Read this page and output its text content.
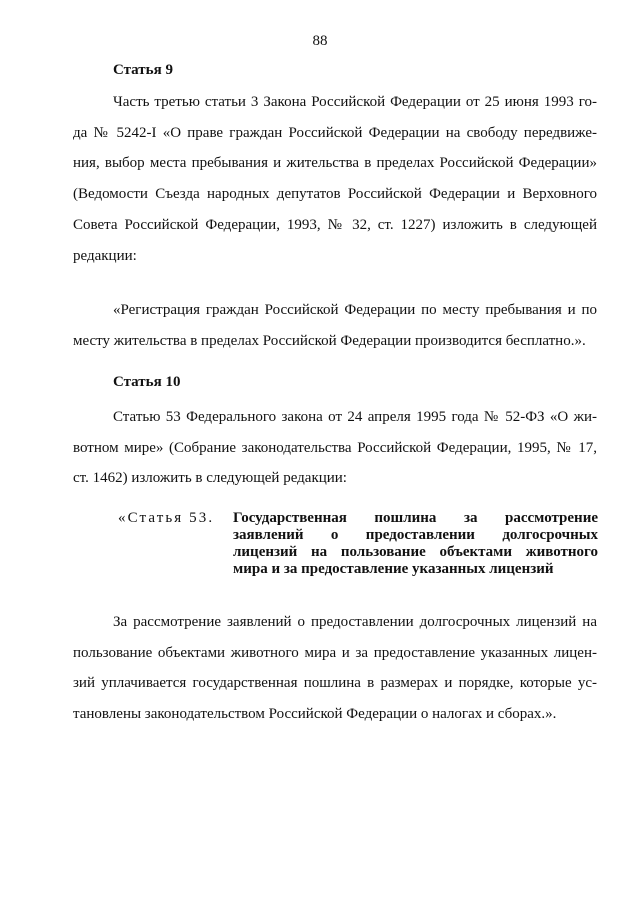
88
Статья 9
Часть третью статьи 3 Закона Российской Федерации от 25 июня 1993 го-
да № 5242-I «О праве граждан Российской Федерации на свободу передвиже-
ния, выбор места пребывания и жительства в пределах Российской Федерации»
(Ведомости Съезда народных депутатов Российской Федерации и Верховного
Совета Российской Федерации, 1993, № 32, ст. 1227) изложить в следующей
редакции:
«Регистрация граждан Российской Федерации по месту пребывания и по
месту жительства в пределах Российской Федерации производится бесплатно.».
Статья 10
Статью 53 Федерального закона от 24 апреля 1995 года № 52-ФЗ «О жи-
вотном мире» (Собрание законодательства Российской Федерации, 1995, № 17,
ст. 1462) изложить в следующей редакции:
«Статья 53. Государственная пошлина за рассмотрение
заявлений о предоставлении долгосрочных
лицензий на пользование объектами животного
мира и за предоставление указанных лицензий
За рассмотрение заявлений о предоставлении долгосрочных лицензий на
пользование объектами животного мира и за предоставление указанных лицен-
зий уплачивается государственная пошлина в размерах и порядке, которые ус-
тановлены законодательством Российской Федерации о налогах и сборах.».
